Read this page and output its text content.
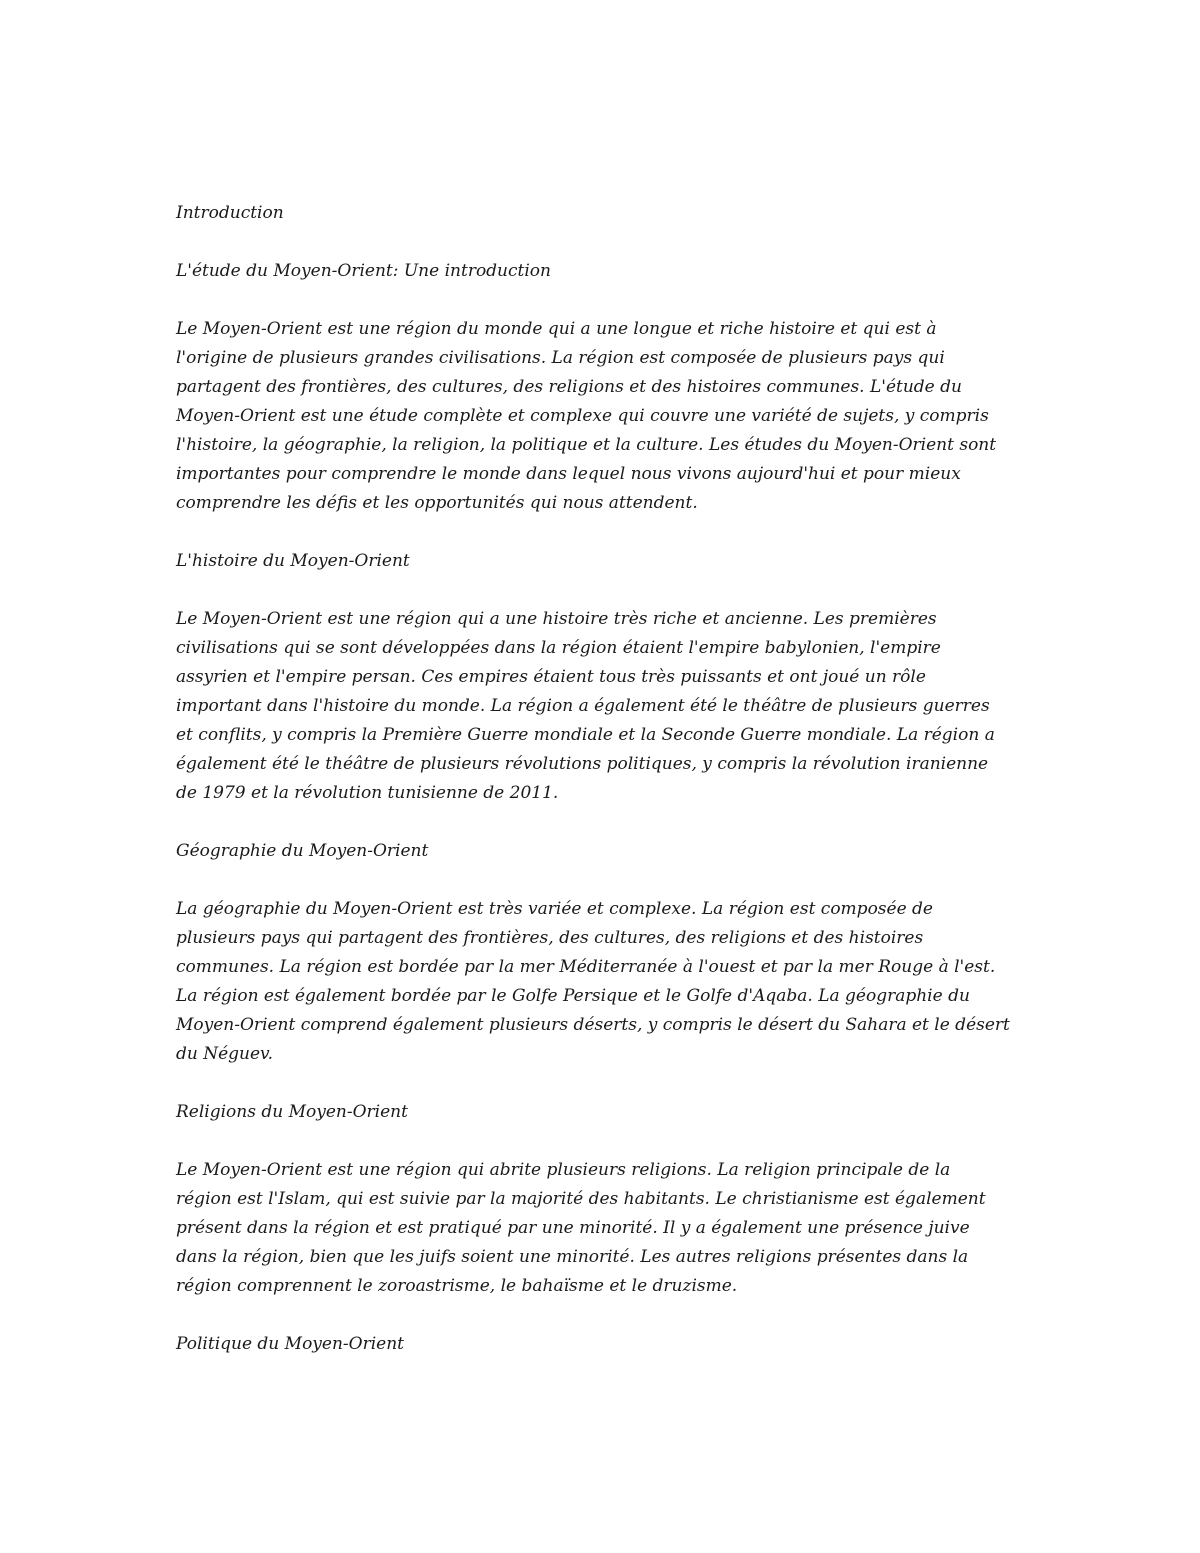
Introduction

L'étude du Moyen-Orient: Une introduction

Le Moyen-Orient est une région du monde qui a une longue et riche histoire et qui est à

l'origine de plusieurs grandes civilisations. La région est composée de plusieurs pays qui

partagent des frontières, des cultures, des religions et des histoires communes. L'étude du

Moyen-Orient est une étude complète et complexe qui couvre une variété de sujets, y compris

l'histoire, la géographie, la religion, la politique et la culture. Les études du Moyen-Orient sont

importantes pour comprendre le monde dans lequel nous vivons aujourd'hui et pour mieux

comprendre les défis et les opportunités qui nous attendent.

L'histoire du Moyen-Orient

Le Moyen-Orient est une région qui a une histoire très riche et ancienne. Les premières

civilisations qui se sont développées dans la région étaient l'empire babylonien, l'empire

assyrien et l'empire persan. Ces empires étaient tous très puissants et ont joué un rôle

important dans l'histoire du monde. La région a également été le théâtre de plusieurs guerres

et conflits, y compris la Première Guerre mondiale et la Seconde Guerre mondiale. La région a

également été le théâtre de plusieurs révolutions politiques, y compris la révolution iranienne

de 1979 et la révolution tunisienne de 2011.

Géographie du Moyen-Orient

La géographie du Moyen-Orient est très variée et complexe. La région est composée de

plusieurs pays qui partagent des frontières, des cultures, des religions et des histoires

communes. La région est bordée par la mer Méditerranée à l'ouest et par la mer Rouge à l'est.

La région est également bordée par le Golfe Persique et le Golfe d'Aqaba. La géographie du

Moyen-Orient comprend également plusieurs déserts, y compris le désert du Sahara et le désert

du Néguev.

Religions du Moyen-Orient

Le Moyen-Orient est une région qui abrite plusieurs religions. La religion principale de la

région est l'Islam, qui est suivie par la majorité des habitants. Le christianisme est également

présent dans la région et est pratiqué par une minorité. Il y a également une présence juive

dans la région, bien que les juifs soient une minorité. Les autres religions présentes dans la

région comprennent le zoroastrisme, le bahaïsme et le druzisme.

Politique du Moyen-Orient
